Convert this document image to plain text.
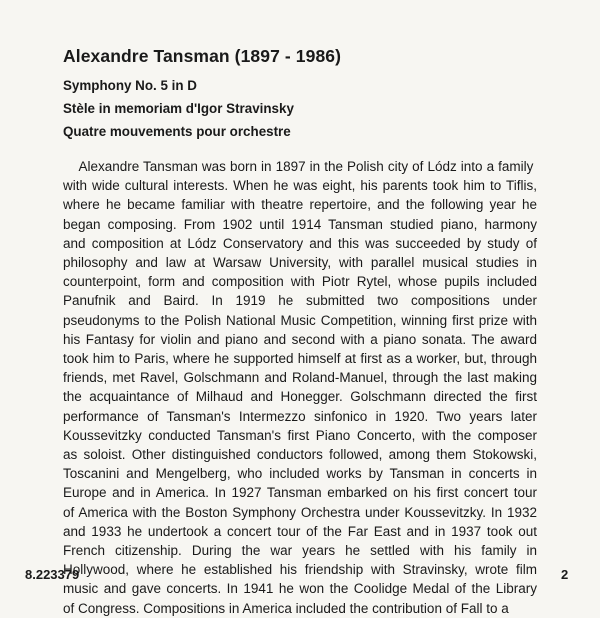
Alexandre Tansman (1897 - 1986)
Symphony No. 5 in D
Stèle in memoriam d'Igor Stravinsky
Quatre mouvements pour orchestre
Alexandre Tansman was born in 1897 in the Polish city of Lódz into a family
with wide cultural interests. When he was eight, his parents took him to Tiflis,
where he became familiar with theatre repertoire, and the following year he
began composing. From 1902 until 1914 Tansman studied piano, harmony
and composition at Lódz Conservatory and this was succeeded by study of
philosophy and law at Warsaw University, with parallel musical studies in
counterpoint, form and composition with Piotr Rytel, whose pupils included
Panufnik and Baird. In 1919 he submitted two compositions under
pseudonyms to the Polish National Music Competition, winning first prize with
his Fantasy for violin and piano and second with a piano sonata. The award
took him to Paris, where he supported himself at first as a worker, but, through
friends, met Ravel, Golschmann and Roland-Manuel, through the last making
the acquaintance of Milhaud and Honegger. Golschmann directed the first
performance of Tansman's Intermezzo sinfonico in 1920. Two years later
Koussevitzky conducted Tansman's first Piano Concerto, with the composer
as soloist. Other distinguished conductors followed, among them Stokowski,
Toscanini and Mengelberg, who included works by Tansman in concerts in
Europe and in America. In 1927 Tansman embarked on his first concert tour
of America with the Boston Symphony Orchestra under Koussevitzky. In 1932
and 1933 he undertook a concert tour of the Far East and in 1937 took out
French citizenship. During the war years he settled with his family in
Hollywood, where he established his friendship with Stravinsky, wrote film
music and gave concerts. In 1941 he won the Coolidge Medal of the Library
of Congress. Compositions in America included the contribution of Fall to a
8.223379	2
